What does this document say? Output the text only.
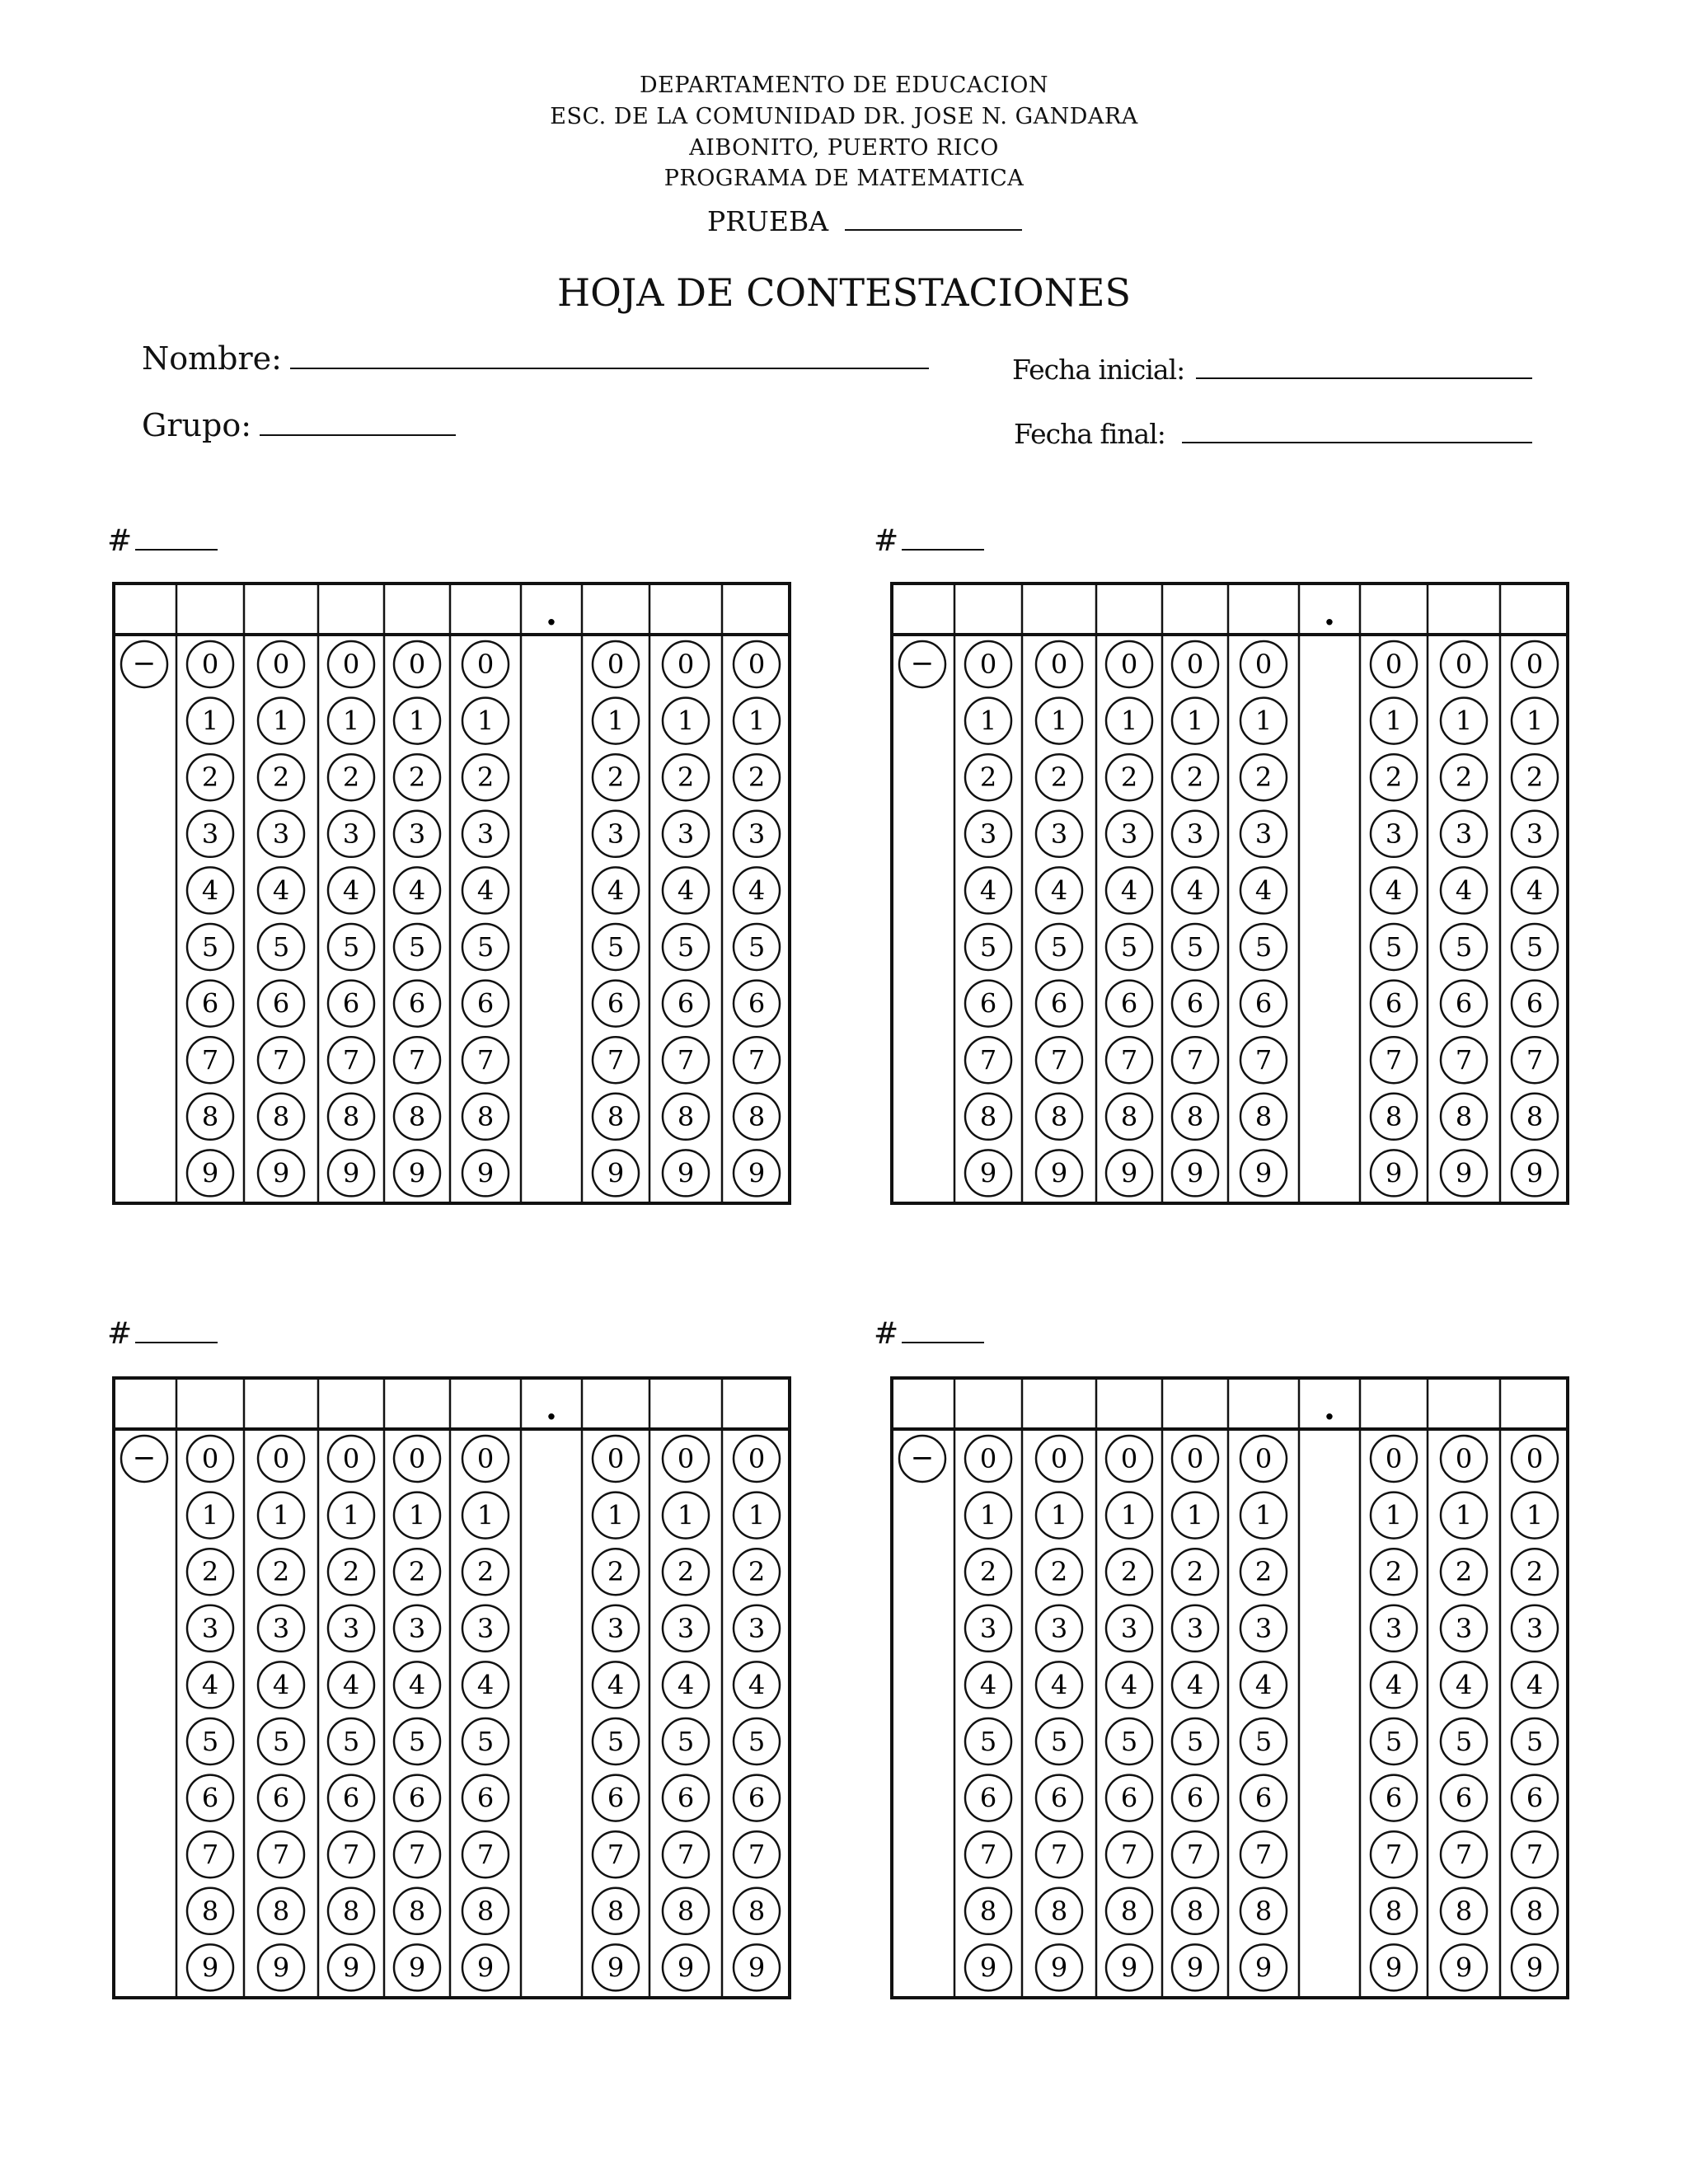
DEPARTAMENTO DE EDUCACION
ESC. DE LA COMUNIDAD DR. JOSE N. GANDARA
AIBONITO, PUERTO RICO
PROGRAMA DE MATEMATICA
PRUEBA
HOJA DE CONTESTACIONES
Nombre:
Grupo:
Fecha inicial:
Fecha final:
#
.
− 0
1
2
3
4
5
6
7
8
9
0
1
2
3
4
5
6
7
8
9
0
1
2
3
4
5
6
7
8
9
0
1
2
3
4
5
6
7
8
9
0
1
2
3
4
5
6
7
8
9
0
1
2
3
4
5
6
7
8
9
0
1
2
3
4
5
6
7
8
9
0
1
2
3
4
5
6
7
8
9
#
.
− 0
1
2
3
4
5
6
7
8
9
0
1
2
3
4
5
6
7
8
9
0
1
2
3
4
5
6
7
8
9
0
1
2
3
4
5
6
7
8
9
0
1
2
3
4
5
6
7
8
9
0
1
2
3
4
5
6
7
8
9
0
1
2
3
4
5
6
7
8
9
0
1
2
3
4
5
6
7
8
9
#
.
− 0
1
2
3
4
5
6
7
8
9
0
1
2
3
4
5
6
7
8
9
0
1
2
3
4
5
6
7
8
9
0
1
2
3
4
5
6
7
8
9
0
1
2
3
4
5
6
7
8
9
0
1
2
3
4
5
6
7
8
9
0
1
2
3
4
5
6
7
8
9
0
1
2
3
4
5
6
7
8
9
#
.
− 0
1
2
3
4
5
6
7
8
9
0
1
2
3
4
5
6
7
8
9
0
1
2
3
4
5
6
7
8
9
0
1
2
3
4
5
6
7
8
9
0
1
2
3
4
5
6
7
8
9
0
1
2
3
4
5
6
7
8
9
0
1
2
3
4
5
6
7
8
9
0
1
2
3
4
5
6
7
8
9
